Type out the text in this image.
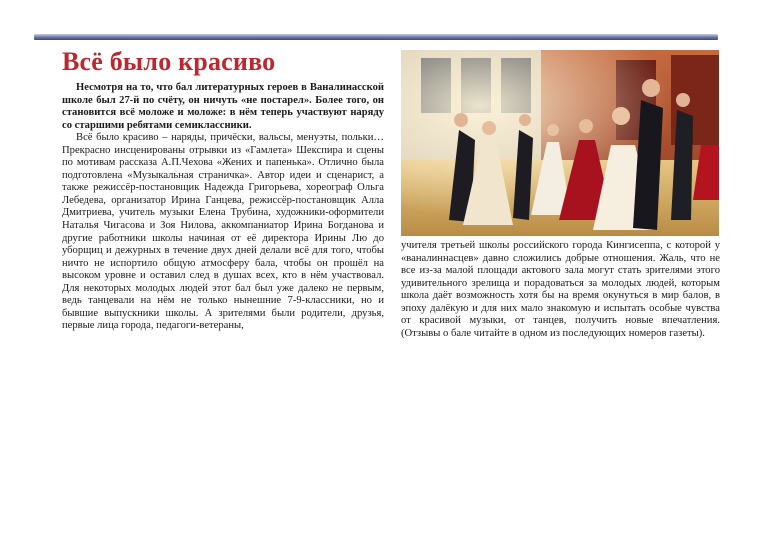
Всё было красиво

Несмотря на то, что бал литературных героев в Ваналинасской школе был 27-й по счёту, он ничуть «не постарел». Более того, он становится всё моложе и моложе: в нём теперь участвуют наряду со старшими ребятами семиклассники.

Всё было красиво – наряды, причёски, вальсы, менуэты, польки… Прекрасно инсценированы отрывки из «Гамлета» Шекспира и сцены по мотивам рассказа А.П.Чехова «Жених и папенька». Отлично была подготовлена «Музыкальная страничка». Автор идеи и сценарист, а также режиссёр-постановщик Надежда Григорьева, хореограф Ольга Лебедева, организатор Ирина Ганцева, режиссёр-постановщик Алла Дмитриева, учитель музыки Елена Трубина, художники-оформители Наталья Чигасова и Зоя Нилова, аккомпаниатор Ирина Богданова и другие работники школы начиная от её директора Ирины Лю до уборщиц и дежурных в течение двух дней делали всё для того, чтобы ничто не испортило общую атмосферу бала, чтобы он прошёл на высоком уровне и оставил след в душах всех, кто в нём участвовал. Для некоторых молодых людей этот бал был уже далеко не первым, ведь танцевали на нём не только нынешние 7-9-классники, но и бывшие выпускники школы. А зрителями были родители, друзья, первые лица города, педагоги-ветераны,

учителя третьей школы российского города Кингисеппа, с которой у «ваналиннасцев» давно сложились добрые отношения. Жаль, что не все из-за малой площади актового зала могут стать зрителями этого удивительного зрелища и порадоваться за молодых людей, которым школа даёт возможность хотя бы на время окунуться в мир балов, в эпоху далёкую и для них мало знакомую и испытать особые чувства от красивой музыки, от танцев, получить новые впечатления. (Отзывы о бале читайте в одном из последующих номеров газеты).
